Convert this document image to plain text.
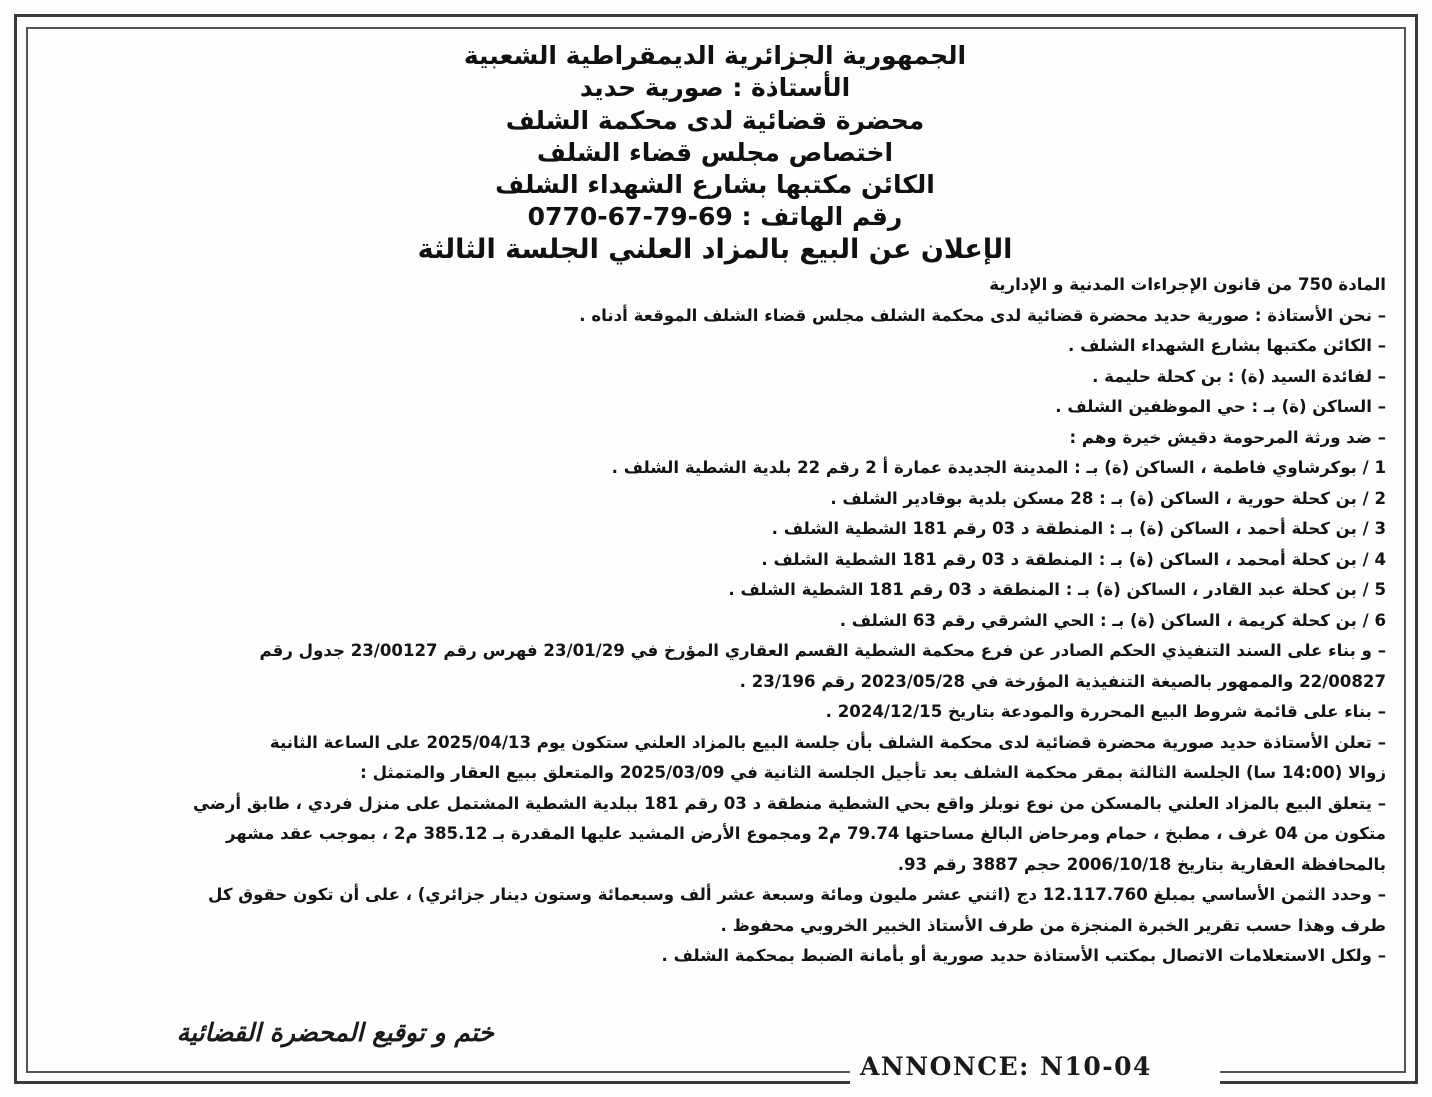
الجمهورية الجزائرية الديمقراطية الشعبية
الأستاذة : صورية حديد
محضرة قضائية لدى محكمة الشلف
اختصاص مجلس قضاء الشلف
الكائن مكتبها بشارع الشهداء الشلف
رقم الهاتف : 69-79-67-0770
الإعلان عن البيع بالمزاد العلني الجلسة الثالثة
المادة 750 من قانون الإجراءات المدنية و الإدارية
– نحن الأستاذة : صورية حديد محضرة قضائية لدى محكمة الشلف مجلس قضاء الشلف الموقعة أدناه .
– الكائن مكتبها بشارع الشهداء الشلف .
– لفائدة السيد (ة) : بن كحلة حليمة .
– الساكن (ة) بـ : حي الموظفين الشلف .
– ضد ورثة المرحومة دقيش خيرة وهم :
1 / بوكرشاوي فاطمة ، الساكن (ة) بـ : المدينة الجديدة عمارة أ 2 رقم 22 بلدية الشطية الشلف .
2 / بن كحلة حورية ، الساكن (ة) بـ : 28 مسكن بلدية بوقادير الشلف .
3 / بن كحلة أحمد ، الساكن (ة) بـ : المنطقة د 03 رقم 181 الشطية الشلف .
4 / بن كحلة أمحمد ، الساكن (ة) بـ : المنطقة د 03 رقم 181 الشطية الشلف .
5 / بن كحلة عبد القادر ، الساكن (ة) بـ : المنطقة د 03 رقم 181 الشطية الشلف .
6 / بن كحلة كريمة ، الساكن (ة) بـ : الحي الشرقي رقم 63 الشلف .
– و بناء على السند التنفيذي الحكم الصادر عن فرع محكمة الشطية القسم العقاري المؤرخ في 23/01/29 فهرس رقم 23/00127 جدول رقم
22/00827 والممهور بالصيغة التنفيذية المؤرخة في 2023/05/28 رقم 23/196 .
– بناء على قائمة شروط البيع المحررة والمودعة بتاريخ 2024/12/15 .
– تعلن الأستاذة حديد صورية محضرة قضائية لدى محكمة الشلف بأن جلسة البيع بالمزاد العلني ستكون يوم 2025/04/13 على الساعة الثانية
زوالا (14:00 سا) الجلسة الثالثة بمقر محكمة الشلف بعد تأجيل الجلسة الثانية في 2025/03/09 والمتعلق ببيع العقار والمتمثل :
– يتعلق البيع بالمزاد العلني بالمسكن من نوع نوبلز واقع بحي الشطية منطقة د 03 رقم 181 ببلدية الشطية المشتمل على منزل فردي ، طابق أرضي
متكون من 04 غرف ، مطبخ ، حمام ومرحاض البالغ مساحتها 79.74 م2 ومجموع الأرض المشيد عليها المقدرة بـ 385.12 م2 ، بموجب عقد مشهر
بالمحافظة العقارية بتاريخ 2006/10/18 حجم 3887 رقم 93.
– وحدد الثمن الأساسي بمبلغ 12.117.760 دج (اثني عشر مليون ومائة وسبعة عشر ألف وسبعمائة وستون دينار جزائري) ، على أن تكون حقوق كل
طرف وهذا حسب تقرير الخبرة المنجزة من طرف الأستاذ الخبير الخروبي محفوظ .
– ولكل الاستعلامات الاتصال بمكتب الأستاذة حديد صورية أو بأمانة الضبط بمحكمة الشلف .
ختم و توقيع المحضرة القضائية
ANNONCE: N10-04
